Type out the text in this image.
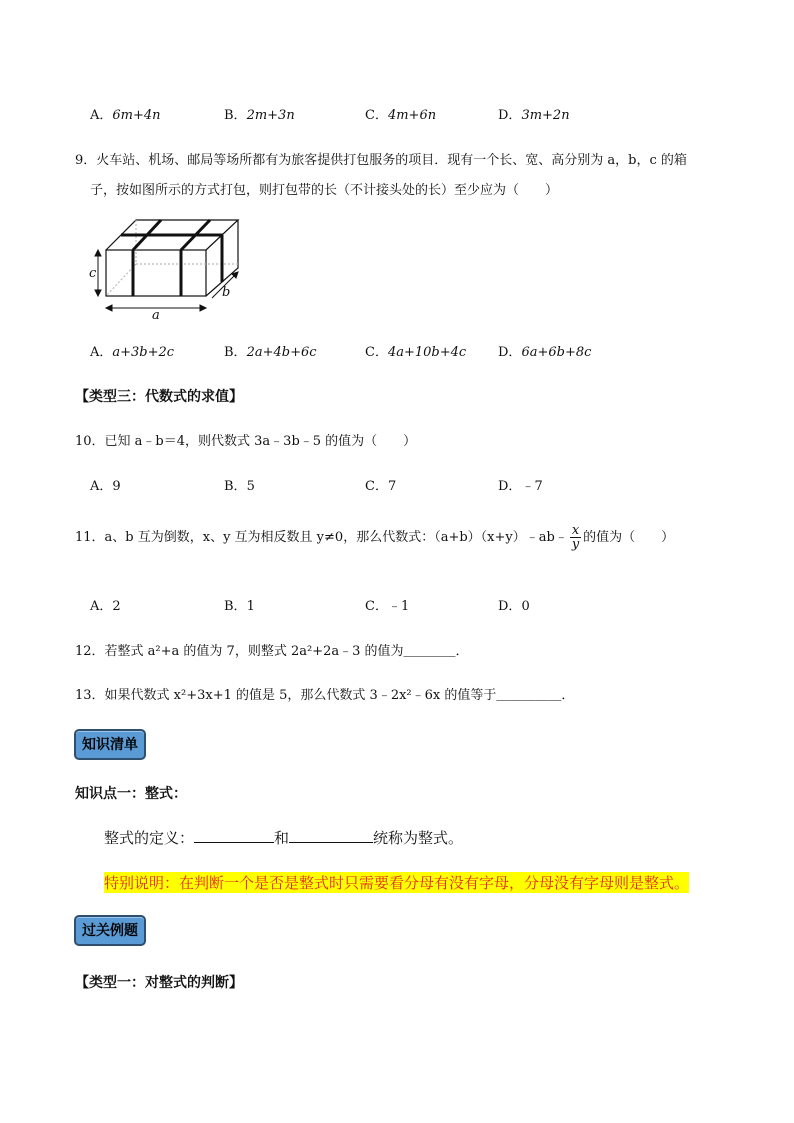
A．6m+4n	B．2m+3n	C．4m+6n	D．3m+2n
9．火车站、机场、邮局等场所都有为旅客提供打包服务的项目．现有一个长、宽、高分别为 a，b，c 的箱
子，按如图所示的方式打包，则打包带的长（不计接头处的长）至少应为（　　）
c
a
b
A．a+3b+2c	B．2a+4b+6c	C．4a+10b+4c D．6a+6b+8c
【类型三：代数式的求值】
10．已知 a﹣b＝4，则代数式 3a﹣3b﹣5 的值为（　　）
A．9	B．5	C．7	D．﹣7
11．a、b 互为倒数，x、y 互为相反数且 y≠0，那么代数式：（a+b）（x+y）﹣ab﹣ $\frac{x}{y}$ 的值为（　　）
A．2	B．1	C．﹣1	D．0
12．若整式 a²+a 的值为 7，则整式 2a²+2a﹣3 的值为＿＿＿＿．
13．如果代数式 x²+3x+1 的值是 5，那么代数式 3﹣2x²﹣6x 的值等于＿＿＿＿＿．
知识清单
知识点一：整式：
整式的定义：	和	统称为整式。
特别说明：在判断一个是否是整式时只需要看分母有没有字母，分母没有字母则是整式。
过关例题
【类型一：对整式的判断】
